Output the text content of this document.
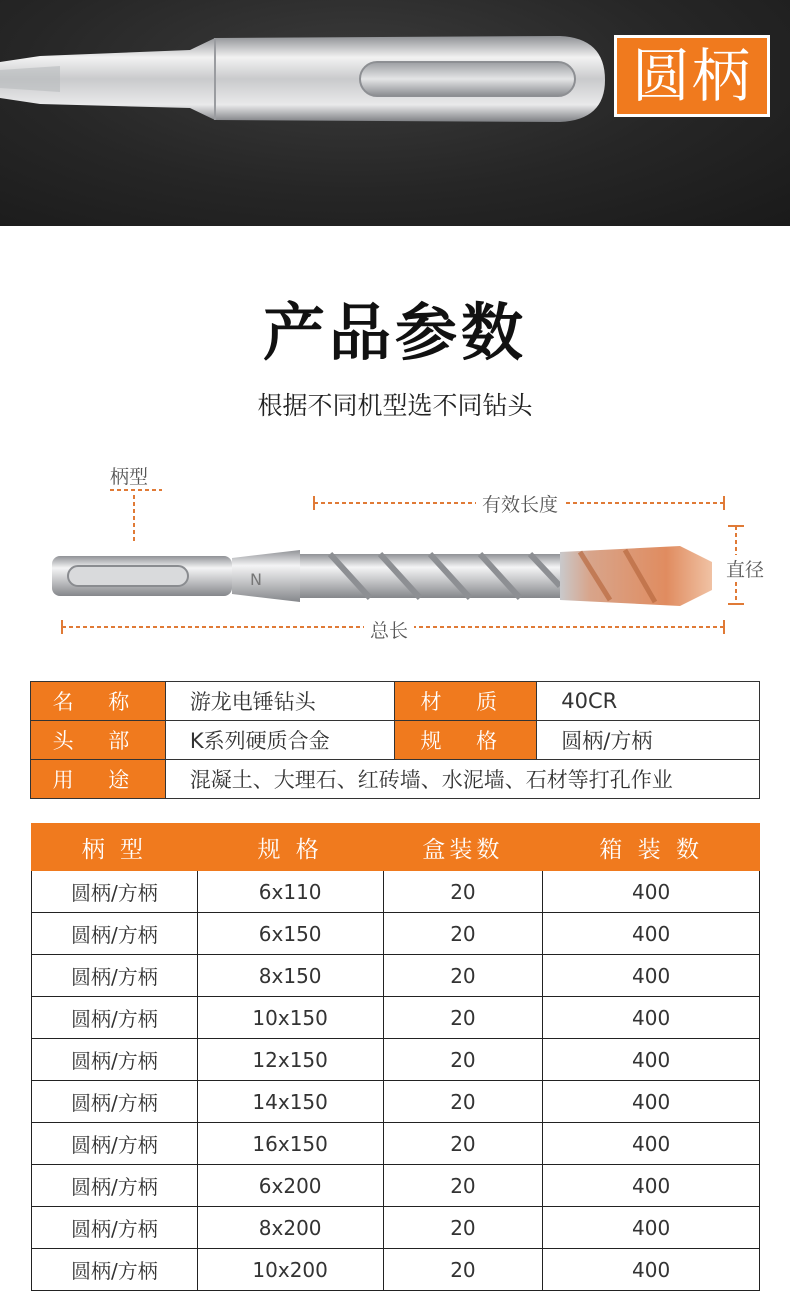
圆柄
产品参数
根据不同机型选不同钻头
N
柄型
有效长度
直径
总长
名 称	游龙电锤钻头	材 质	40CR
头 部	K系列硬质合金	规 格	圆柄/方柄
用 途	混凝土、大理石、红砖墙、水泥墙、石材等打孔作业		
柄 型	规 格	盒装数	箱 装 数
圆柄/方柄	6x110	20	400
圆柄/方柄	6x150	20	400
圆柄/方柄	8x150	20	400
圆柄/方柄	10x150	20	400
圆柄/方柄	12x150	20	400
圆柄/方柄	14x150	20	400
圆柄/方柄	16x150	20	400
圆柄/方柄	6x200	20	400
圆柄/方柄	8x200	20	400
圆柄/方柄	10x200	20	400
